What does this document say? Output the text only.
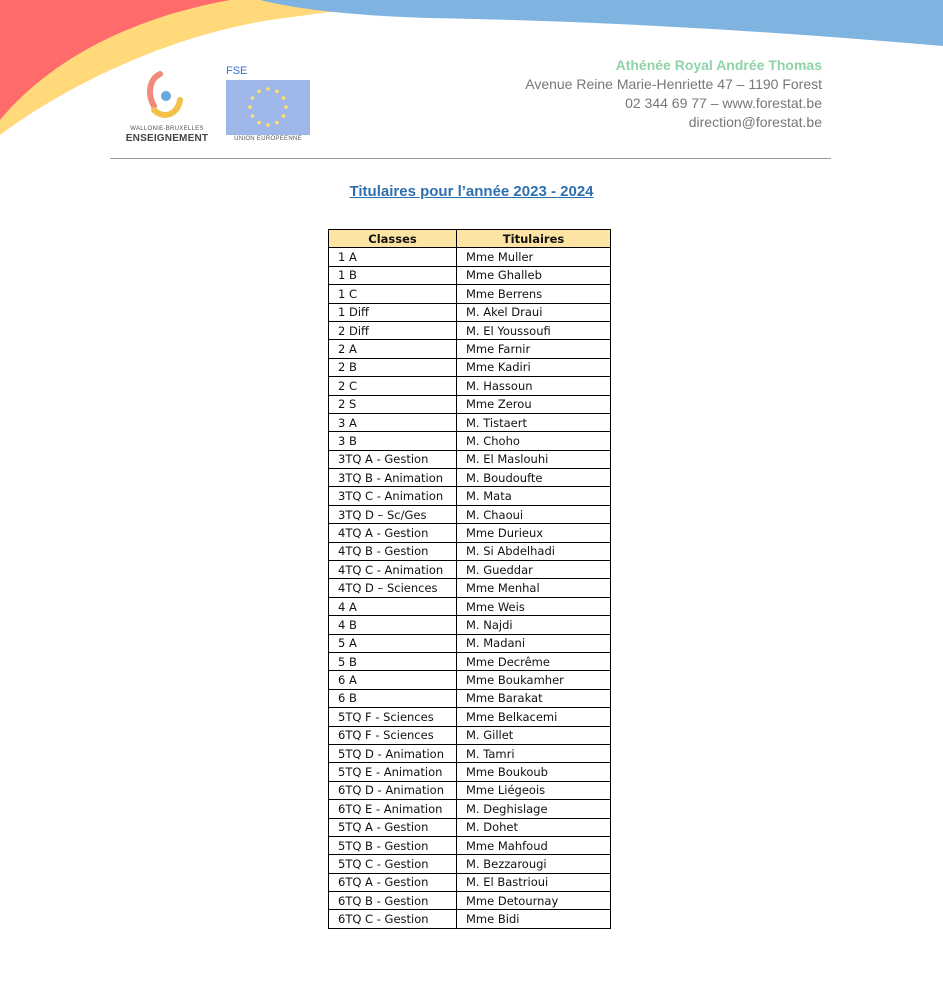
WALLONIE-BRUXELLES
ENSEIGNEMENT
FSE
UNION EUROPEENNE
Athénée Royal Andrée Thomas
Avenue Reine Marie-Henriette 47 – 1190 Forest
02 344 69 77 – www.forestat.be
direction@forestat.be
Titulaires pour l’année 2023 - 2024
Classes	Titulaires
1 A	Mme Muller
1 B	Mme Ghalleb
1 C	Mme Berrens
1 Diff	M. Akel Draui
2 Diff	M. El Youssoufi
2 A	Mme Farnir
2 B	Mme Kadiri
2 C	M. Hassoun
2 S	Mme Zerou
3 A	M. Tistaert
3 B	M. Choho
3TQ A - Gestion	M. El Maslouhi
3TQ B - Animation	M. Boudoufte
3TQ C - Animation	M. Mata
3TQ D – Sc/Ges	M. Chaoui
4TQ A - Gestion	Mme Durieux
4TQ B - Gestion	M. Si Abdelhadi
4TQ C - Animation	M. Gueddar
4TQ D – Sciences	Mme Menhal
4 A	Mme Weis
4 B	M. Najdi
5 A	M. Madani
5 B	Mme Decrême
6 A	Mme Boukamher
6 B	Mme Barakat
5TQ F - Sciences	Mme Belkacemi
6TQ F - Sciences	M. Gillet
5TQ D - Animation	M. Tamri
5TQ E - Animation	Mme Boukoub
6TQ D - Animation	Mme Liégeois
6TQ E - Animation	M. Deghislage
5TQ A - Gestion	M. Dohet
5TQ B - Gestion	Mme Mahfoud
5TQ C - Gestion	M. Bezzarougi
6TQ A - Gestion	M. El Bastrioui
6TQ B - Gestion	Mme Detournay
6TQ C - Gestion	Mme Bidi
